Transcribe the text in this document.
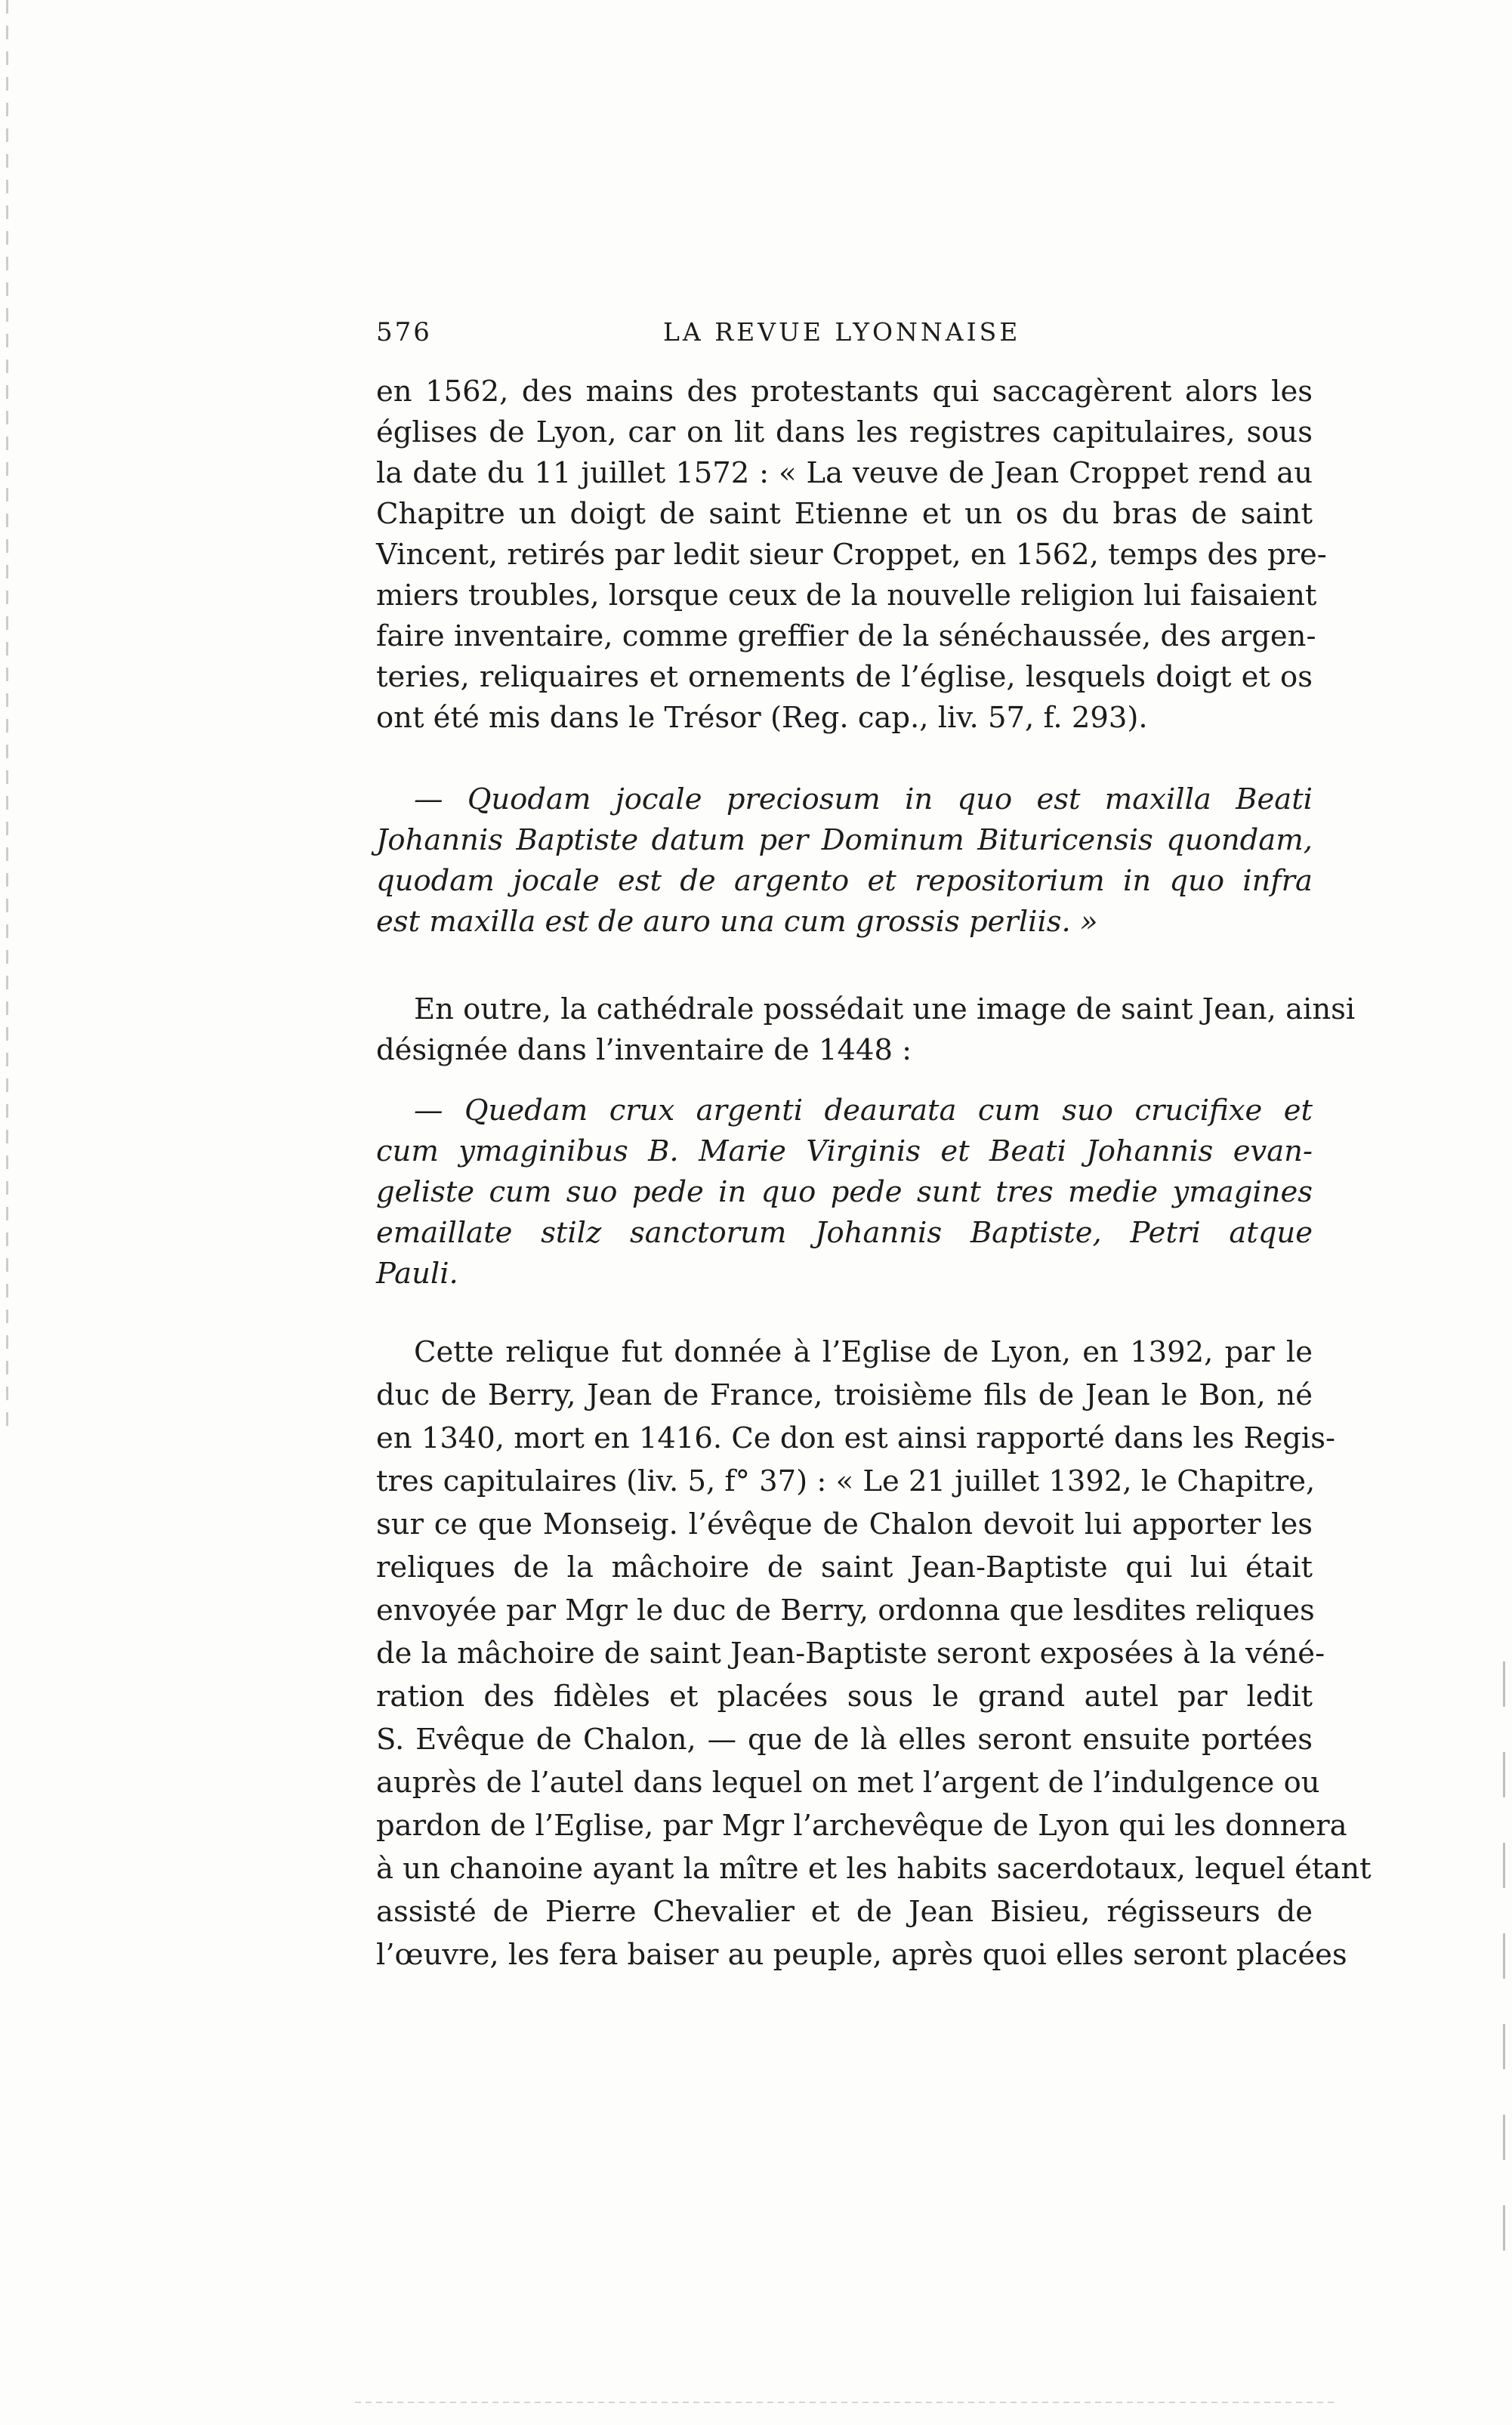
576	LA REVUE LYONNAISE
en 1562, des mains des protestants qui saccagèrent alors les
églises de Lyon, car on lit dans les registres capitulaires, sous
la date du 11 juillet 1572 : « La veuve de Jean Croppet rend au
Chapitre un doigt de saint Etienne et un os du bras de saint
Vincent, retirés par ledit sieur Croppet, en 1562, temps des pre-
miers troubles, lorsque ceux de la nouvelle religion lui faisaient
faire inventaire, comme greffier de la sénéchaussée, des argen-
teries, reliquaires et ornements de l’église, lesquels doigt et os
ont été mis dans le Trésor (Reg. cap., liv. 57, f. 293).
— Quodam jocale preciosum in quo est maxilla Beati
Johannis Baptiste datum per Dominum Bituricensis quondam,
quodam jocale est de argento et repositorium in quo infra
est maxilla est de auro una cum grossis perliis. »
En outre, la cathédrale possédait une image de saint Jean, ainsi
désignée dans l’inventaire de 1448 :
— Quedam crux argenti deaurata cum suo crucifixe et
cum ymaginibus B. Marie Virginis et Beati Johannis evan-
geliste cum suo pede in quo pede sunt tres medie ymagines
emaillate stilz sanctorum Johannis Baptiste, Petri atque
Pauli.
Cette relique fut donnée à l’Eglise de Lyon, en 1392, par le
duc de Berry, Jean de France, troisième fils de Jean le Bon, né
en 1340, mort en 1416. Ce don est ainsi rapporté dans les Regis-
tres capitulaires (liv. 5, f° 37) : « Le 21 juillet 1392, le Chapitre,
sur ce que Monseig. l’évêque de Chalon devoit lui apporter les
reliques de la mâchoire de saint Jean-Baptiste qui lui était
envoyée par Mgr le duc de Berry, ordonna que lesdites reliques
de la mâchoire de saint Jean-Baptiste seront exposées à la véné-
ration des fidèles et placées sous le grand autel par ledit
S. Evêque de Chalon, — que de là elles seront ensuite portées
auprès de l’autel dans lequel on met l’argent de l’indulgence ou
pardon de l’Eglise, par Mgr l’archevêque de Lyon qui les donnera
à un chanoine ayant la mître et les habits sacerdotaux, lequel étant
assisté de Pierre Chevalier et de Jean Bisieu, régisseurs de
l’œuvre, les fera baiser au peuple, après quoi elles seront placées
